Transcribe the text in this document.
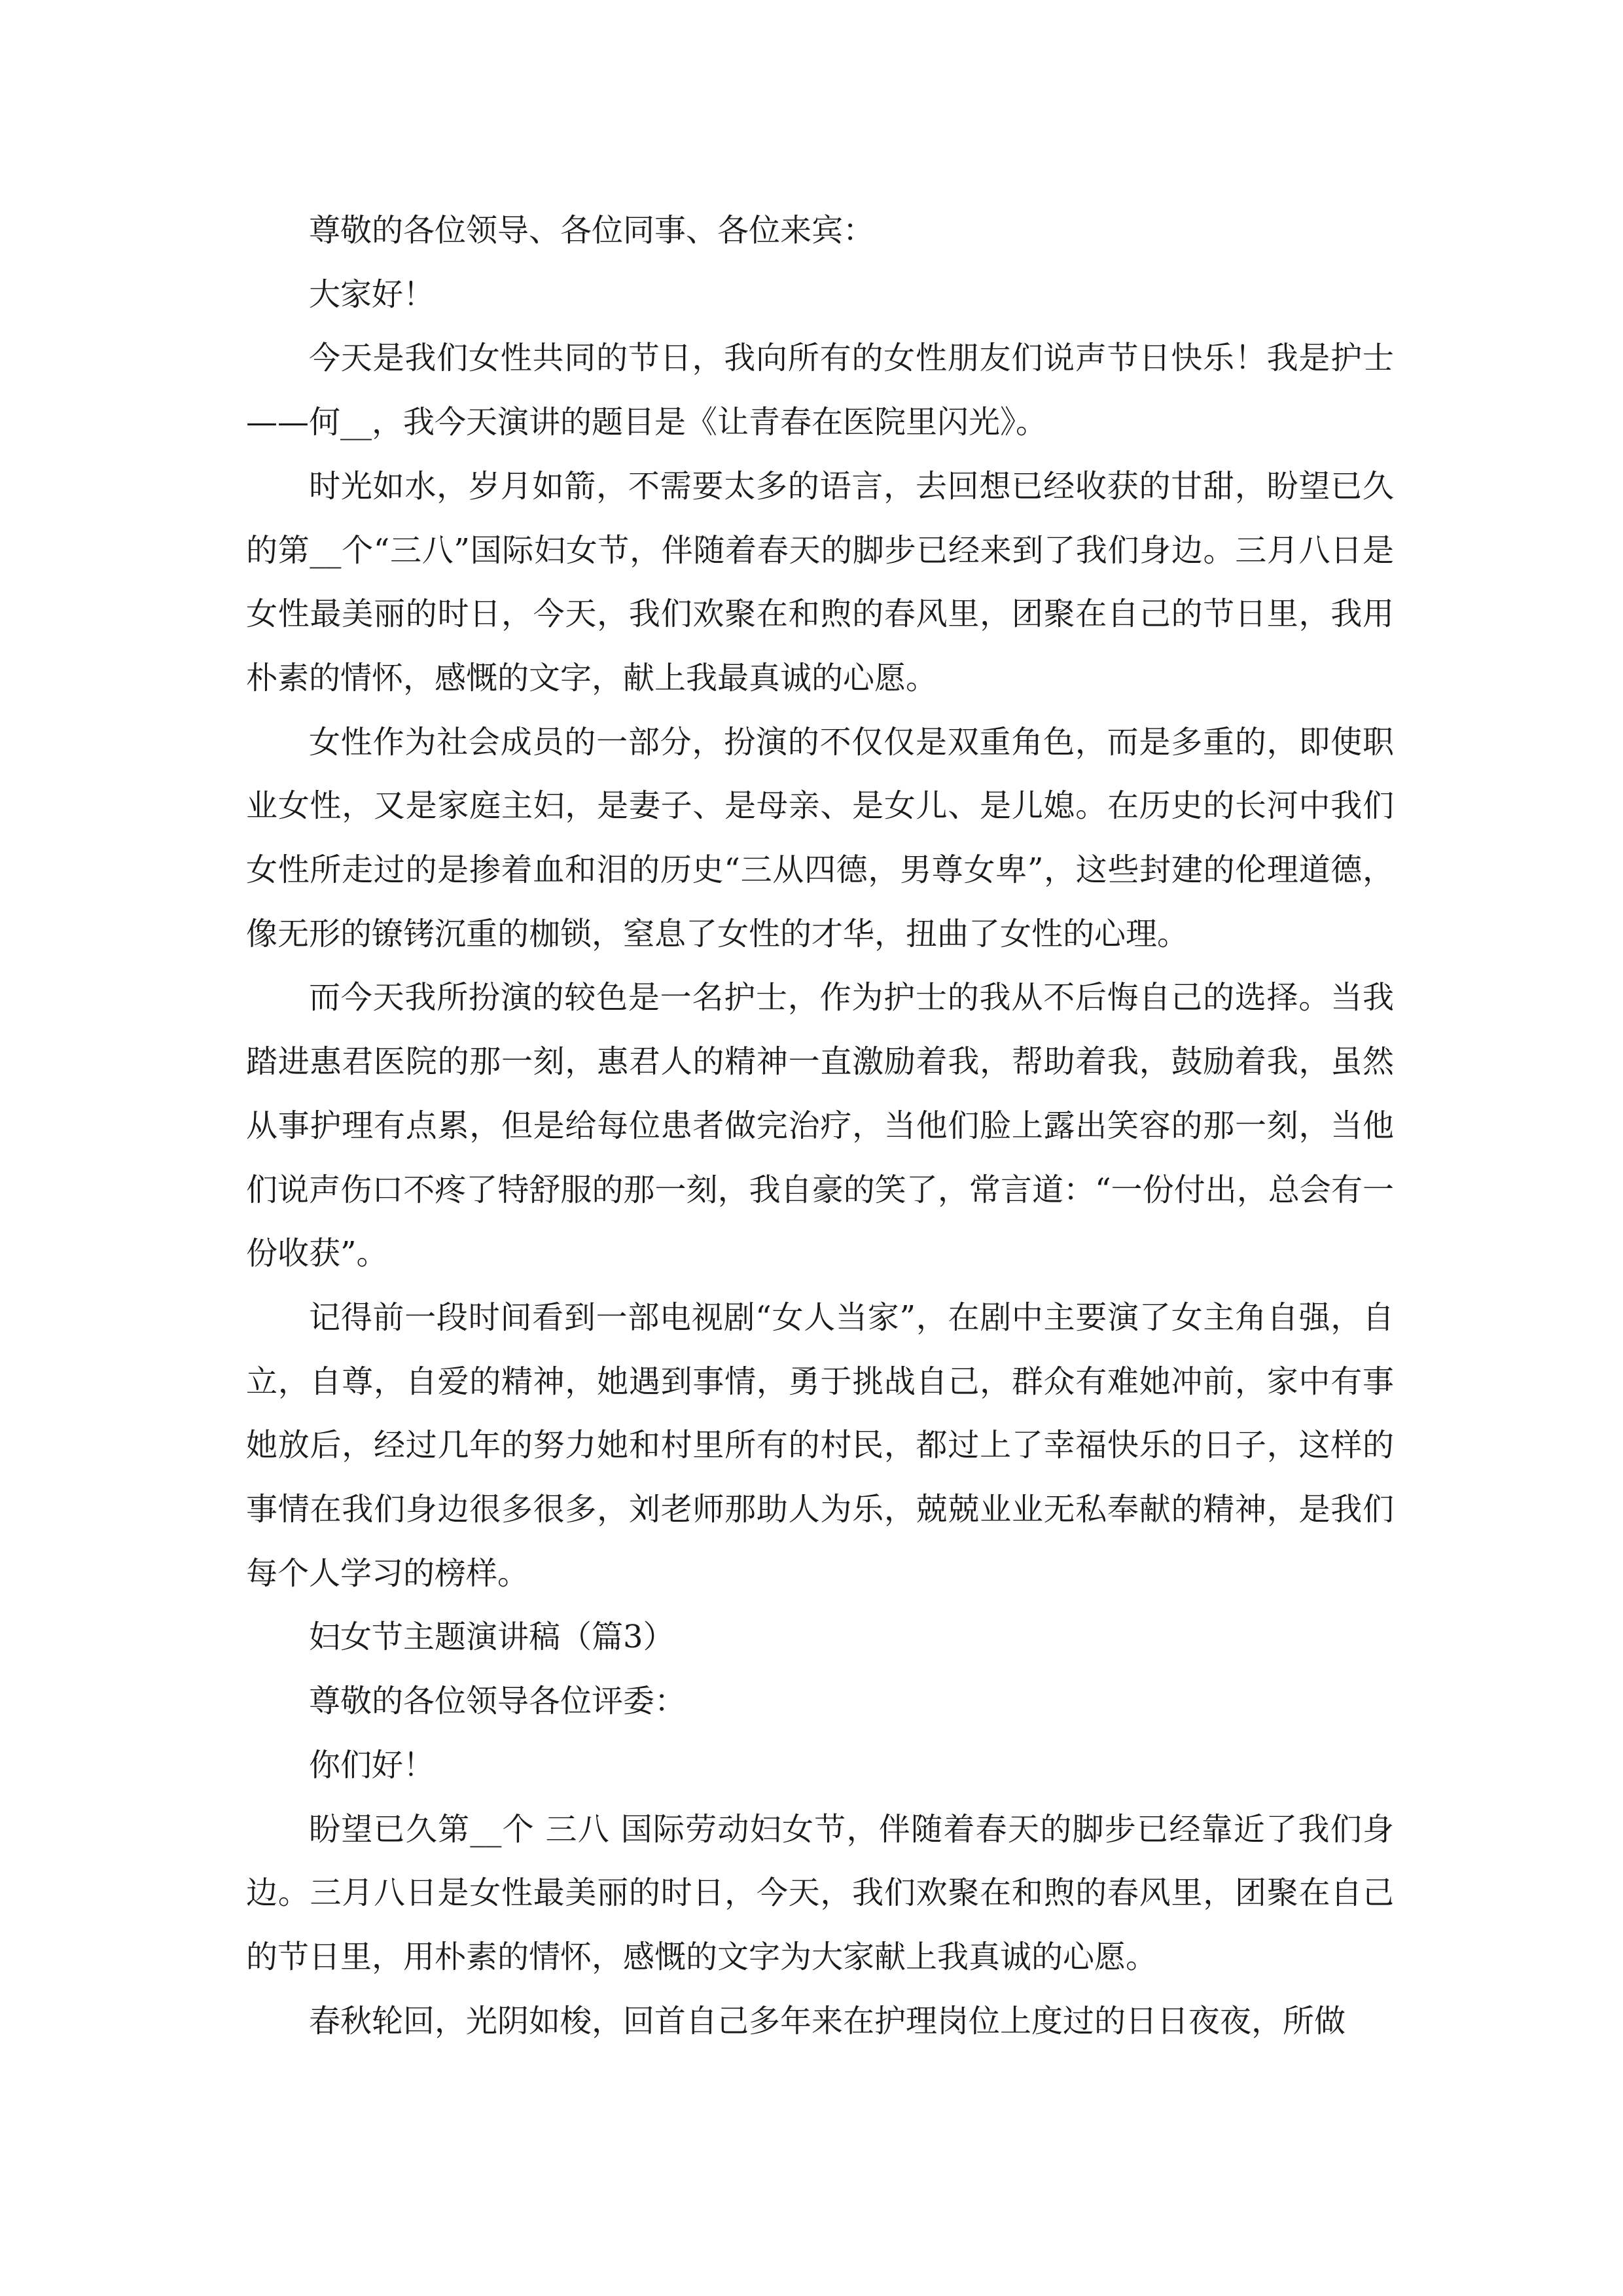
尊敬的各位领导、各位同事、各位来宾：

大家好！

今天是我们女性共同的节日，我向所有的女性朋友们说声节日快乐！我是护士——何__，我今天演讲的题目是《让青春在医院里闪光》。

时光如水，岁月如箭，不需要太多的语言，去回想已经收获的甘甜，盼望已久的第__个“三八”国际妇女节，伴随着春天的脚步已经来到了我们身边。三月八日是女性最美丽的时日，今天，我们欢聚在和煦的春风里，团聚在自己的节日里，我用朴素的情怀，感慨的文字，献上我最真诚的心愿。

女性作为社会成员的一部分，扮演的不仅仅是双重角色，而是多重的，即使职业女性，又是家庭主妇，是妻子、是母亲、是女儿、是儿媳。在历史的长河中我们女性所走过的是掺着血和泪的历史“三从四德，男尊女卑”，这些封建的伦理道德，像无形的镣铐沉重的枷锁，窒息了女性的才华，扭曲了女性的心理。

而今天我所扮演的较色是一名护士，作为护士的我从不后悔自己的选择。当我踏进惠君医院的那一刻，惠君人的精神一直激励着我，帮助着我，鼓励着我，虽然从事护理有点累，但是给每位患者做完治疗，当他们脸上露出笑容的那一刻，当他们说声伤口不疼了特舒服的那一刻，我自豪的笑了，常言道：“一份付出，总会有一份收获”。

记得前一段时间看到一部电视剧“女人当家”，在剧中主要演了女主角自强，自立，自尊，自爱的精神，她遇到事情，勇于挑战自己，群众有难她冲前，家中有事她放后，经过几年的努力她和村里所有的村民，都过上了幸福快乐的日子，这样的事情在我们身边很多很多，刘老师那助人为乐，兢兢业业无私奉献的精神，是我们每个人学习的榜样。

妇女节主题演讲稿（篇3）

尊敬的各位领导各位评委：

你们好！

盼望已久第__个 三八 国际劳动妇女节，伴随着春天的脚步已经靠近了我们身边。三月八日是女性最美丽的时日，今天，我们欢聚在和煦的春风里，团聚在自己的节日里，用朴素的情怀，感慨的文字为大家献上我真诚的心愿。

春秋轮回，光阴如梭，回首自己多年来在护理岗位上度过的日日夜夜，所做
